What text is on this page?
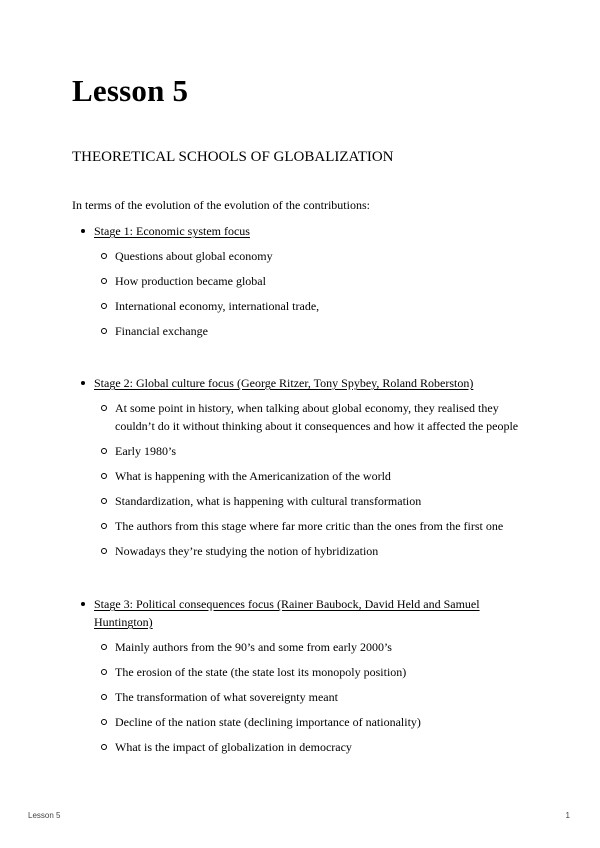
Lesson 5
THEORETICAL SCHOOLS OF GLOBALIZATION

In terms of the evolution of the evolution of the contributions:

Stage 1: Economic system focus
Questions about global economy
How production became global
International economy, international trade,
Financial exchange
Stage 2: Global culture focus (George Ritzer, Tony Spybey, Roland Roberston)
At some point in history, when talking about global economy, they realised they couldn’t do it without thinking about it consequences and how it affected the people
Early 1980’s
What is happening with the Americanization of the world
Standardization, what is happening with cultural transformation
The authors from this stage where far more critic than the ones from the first one
Nowadays they’re studying the notion of hybridization
Stage 3: Political consequences focus (Rainer Baubock, David Held and Samuel Huntington)
Mainly authors from the 90’s and some from early 2000’s
The erosion of the state (the state lost its monopoly position)
The transformation of what sovereignty meant
Decline of the nation state (declining importance of nationality)
What is the impact of globalization in democracy
Lesson 5	1
